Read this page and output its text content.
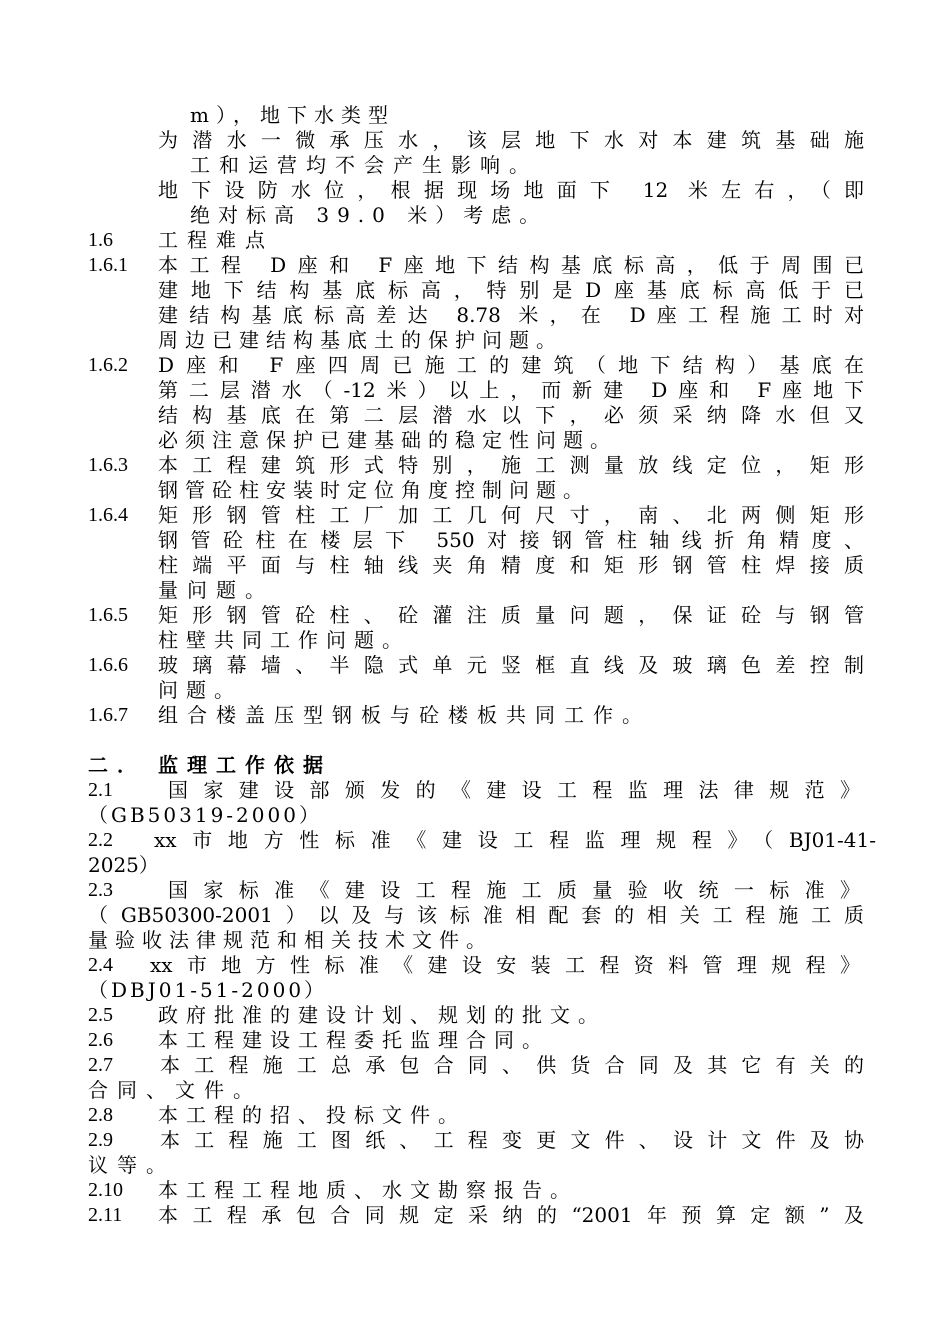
m），地下水类型
为潜水一微承压水，该层地下水对本建筑基础施
工和运营均不会产生影响。
地下设防水位，根据现场地面下 12 米左右，（即
绝对标高 39.0 米）考虑。
1.6 工程难点
1.6.1 本工程 D座和 F座地下结构基底标高，低于周围已
建地下结构基底标高，特别是D座基底标高低于已
建结构基底标高差达 8.78 米，在 D座工程施工时对
周边已建结构基底土的保护问题。
1.6.2 D座和 F座四周已施工的建筑（地下结构）基底在
第二层潜水（-12米）以上，而新建 D座和 F座地下
结构基底在第二层潜水以下，必须采纳降水但又
必须注意保护已建基础的稳定性问题。
1.6.3 本工程建筑形式特别，施工测量放线定位，矩形
钢管砼柱安装时定位角度控制问题。
1.6.4 矩形钢管柱工厂加工几何尺寸，南、北两侧矩形
钢管砼柱在楼层下 550对接钢管柱轴线折角精度、
柱端平面与柱轴线夹角精度和矩形钢管柱焊接质
量问题。
1.6.5 矩形钢管砼柱、砼灌注质量问题，保证砼与钢管
柱壁共同工作问题。
1.6.6 玻璃幕墙、半隐式单元竖框直线及玻璃色差控制
问题。
1.6.7 组合楼盖压型钢板与砼楼板共同工作。
二． 监理工作依据
2.1	国家建设部颁发的《建设工程监理法律规范》
（GB50319-2000）
2.2 xx市地方性标准《建设工程监理规程》（BJ01-41-
2025）
2.3	国家标准《建设工程施工质量验收统一标准》
（GB50300-2001）以及与该标准相配套的相关工程施工质
量验收法律规范和相关技术文件。
2.4 xx市地方性标准《建设安装工程资料管理规程》
（DBJ01-51-2000）
2.5 政府批准的建设计划、规划的批文。
2.6 本工程建设工程委托监理合同。
2.7 本工程施工总承包合同、供货合同及其它有关的
合同、文件。
2.8 本工程的招、投标文件。
2.9 本工程施工图纸、工程变更文件、设计文件及协
议等。
2.10 本工程工程地质、水文勘察报告。
2.11 本工程承包合同规定采纳的“2001年预算定额”及
